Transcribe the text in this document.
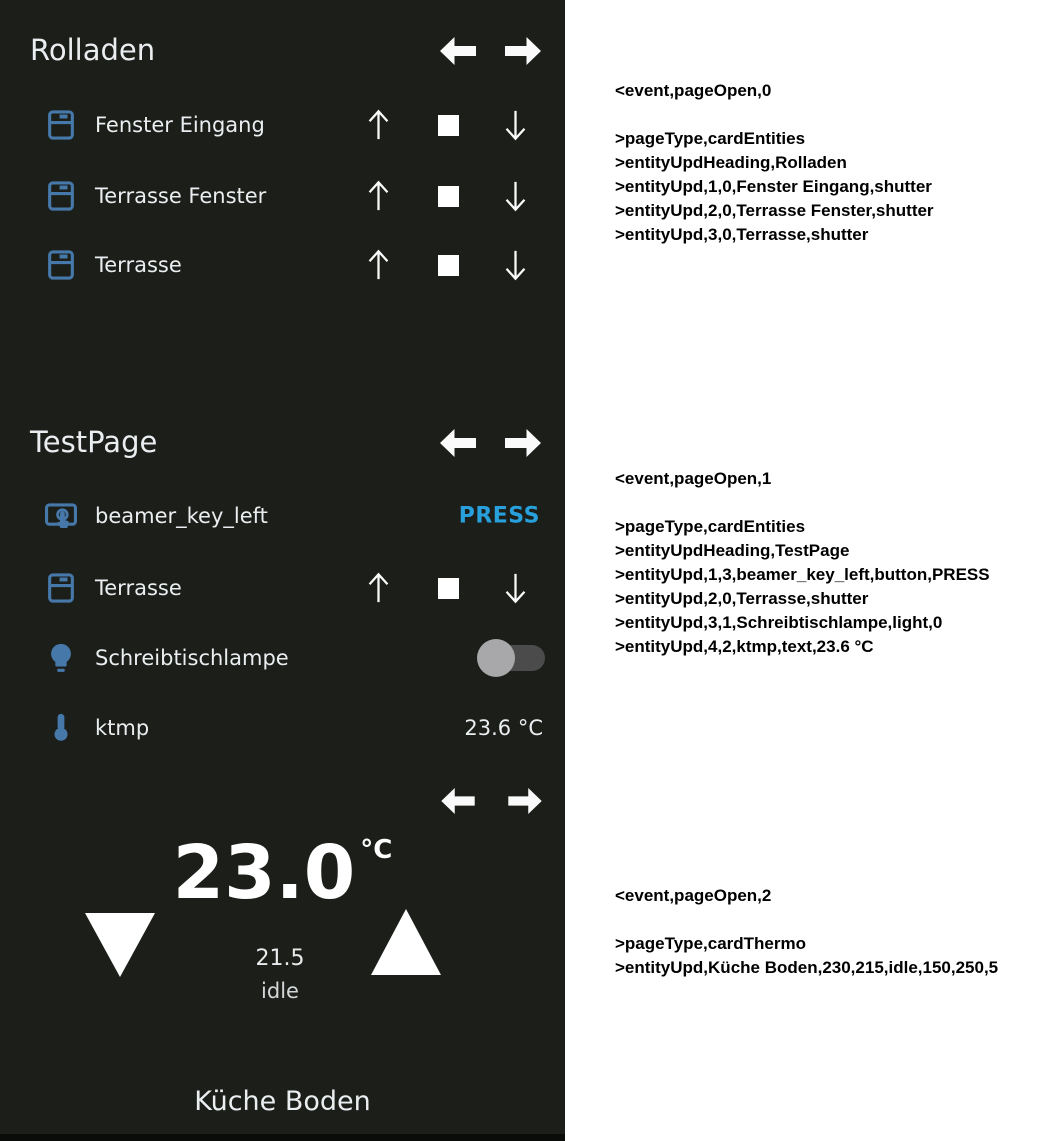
Rolladen
Fenster Eingang
Terrasse Fenster
Terrasse
TestPage
beamer_key_left	PRESS
Terrasse
Schreibtischlampe
ktmp	23.6 °C
23.0 $^{^\circ C}$
21.5
idle
Küche Boden
<event,pageOpen,0
>pageType,cardEntities
>entityUpdHeading,Rolladen
>entityUpd,1,0,Fenster Eingang,shutter
>entityUpd,2,0,Terrasse Fenster,shutter
>entityUpd,3,0,Terrasse,shutter
<event,pageOpen,1
>pageType,cardEntities
>entityUpdHeading,TestPage
>entityUpd,1,3,beamer_key_left,button,PRESS
>entityUpd,2,0,Terrasse,shutter
>entityUpd,3,1,Schreibtischlampe,light,0
>entityUpd,4,2,ktmp,text,23.6 °C
<event,pageOpen,2
>pageType,cardThermo
>entityUpd,Küche Boden,230,215,idle,150,250,5
